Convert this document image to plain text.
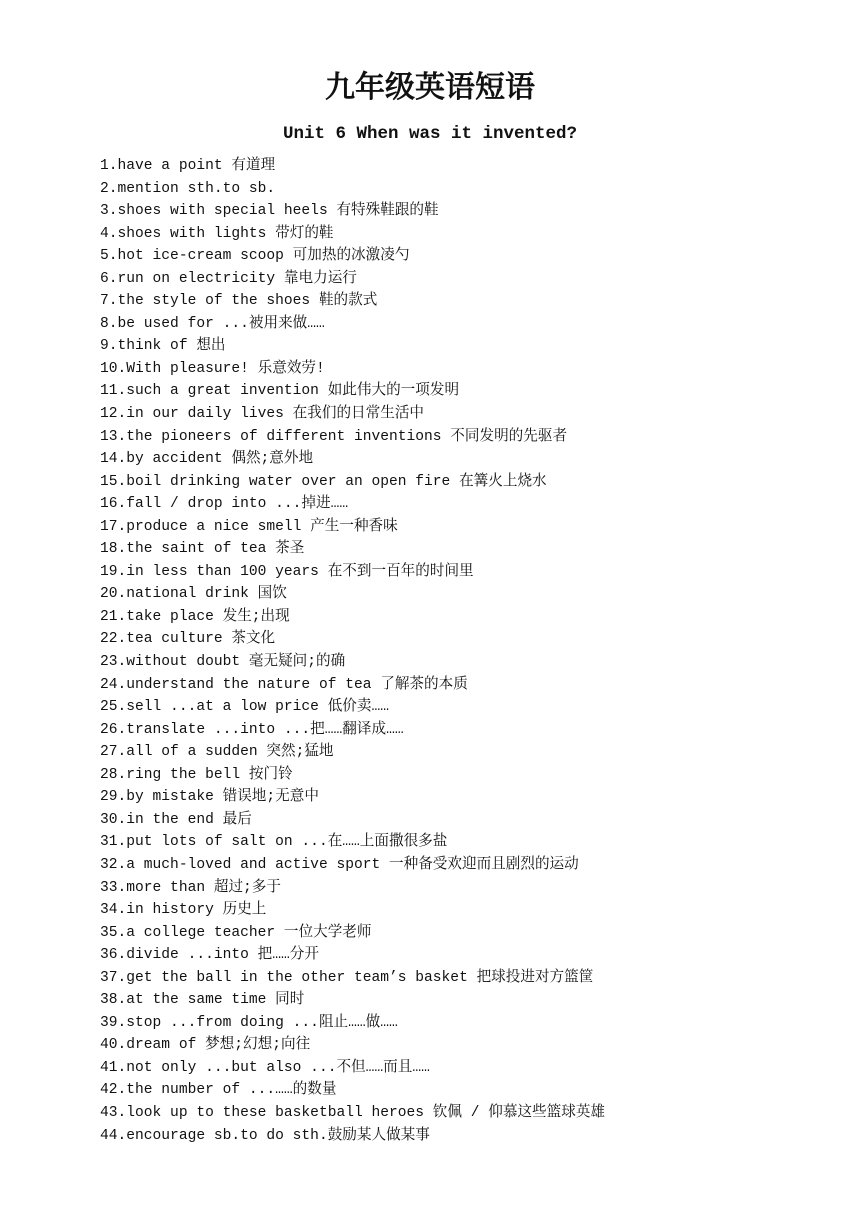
九年级英语短语
Unit 6 When was it invented?
1.have a point 有道理
2.mention sth.to sb.
3.shoes with special heels 有特殊鞋跟的鞋
4.shoes with lights 带灯的鞋
5.hot ice-cream scoop 可加热的冰激凌勺
6.run on electricity 靠电力运行
7.the style of the shoes 鞋的款式
8.be used for ...被用来做……
9.think of 想出
10.With pleasure! 乐意效劳!
11.such a great invention 如此伟大的一项发明
12.in our daily lives 在我们的日常生活中
13.the pioneers of different inventions 不同发明的先驱者
14.by accident 偶然;意外地
15.boil drinking water over an open fire 在篝火上烧水
16.fall / drop into ...掉进……
17.produce a nice smell 产生一种香味
18.the saint of tea 茶圣
19.in less than 100 years 在不到一百年的时间里
20.national drink 国饮
21.take place 发生;出现
22.tea culture 茶文化
23.without doubt 毫无疑问;的确
24.understand the nature of tea 了解茶的本质
25.sell ...at a low price 低价卖……
26.translate ...into ...把……翻译成……
27.all of a sudden 突然;猛地
28.ring the bell 按门铃
29.by mistake 错误地;无意中
30.in the end 最后
31.put lots of salt on ...在……上面撒很多盐
32.a much-loved and active sport 一种备受欢迎而且剧烈的运动
33.more than 超过;多于
34.in history 历史上
35.a college teacher 一位大学老师
36.divide ...into 把……分开
37.get the ball in the other team’s basket 把球投进对方篮筐
38.at the same time 同时
39.stop ...from doing ...阻止……做……
40.dream of 梦想;幻想;向往
41.not only ...but also ...不但……而且……
42.the number of ...……的数量
43.look up to these basketball heroes 钦佩 / 仰慕这些篮球英雄
44.encourage sb.to do sth.鼓励某人做某事
